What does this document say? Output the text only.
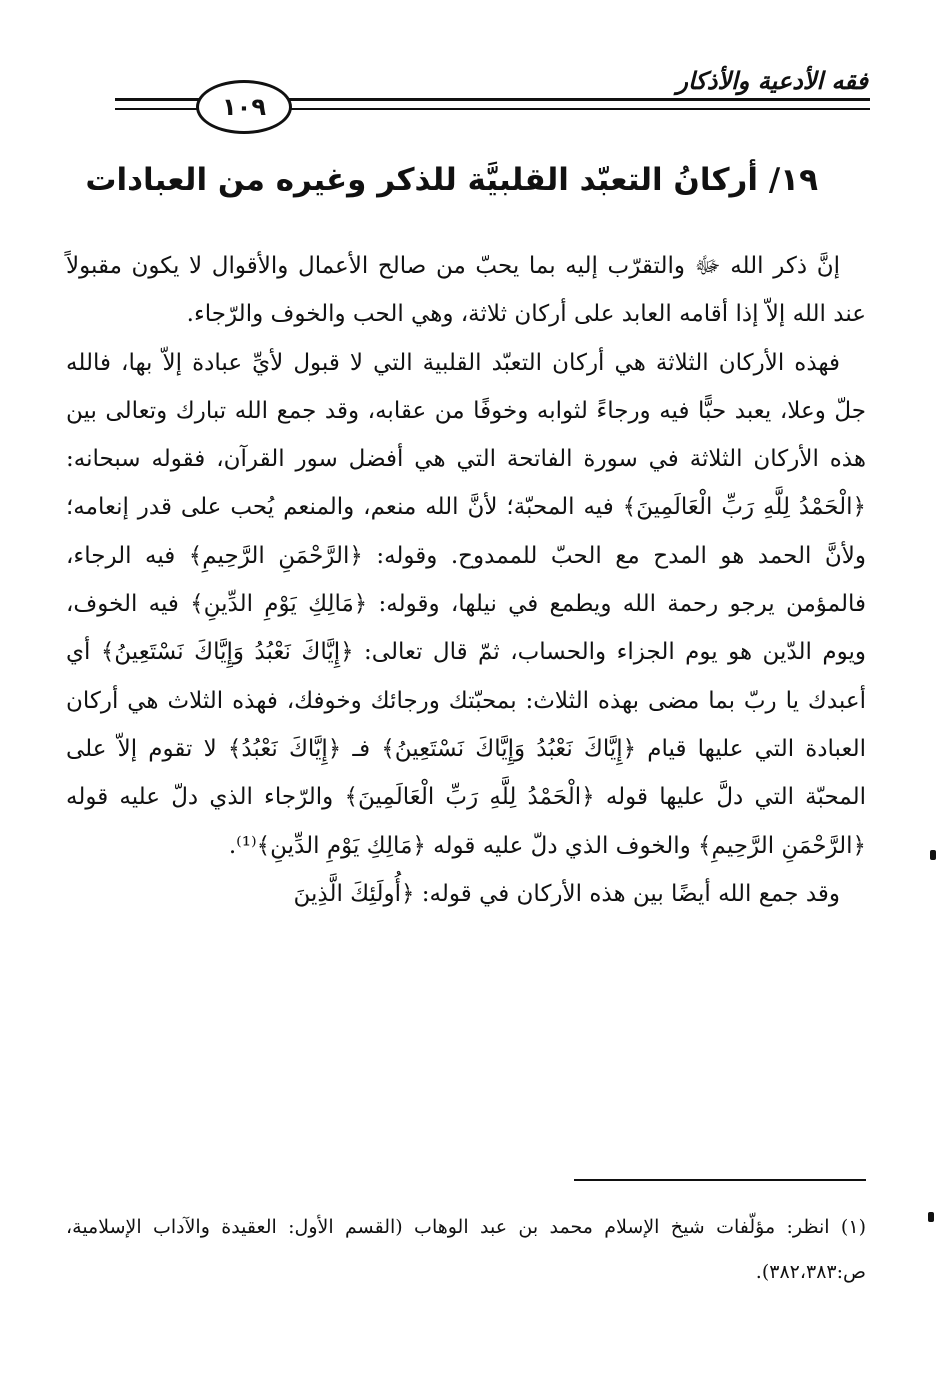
فقه الأدعية والأذكار
١٠٩
١٩/ أركانُ التعبّد القلبيَّة للذكر وغيره من العبادات

إنَّ ذكر الله ﷻ والتقرّب إليه بما يحبّ من صالح الأعمال والأقوال لا يكون مقبولاً عند الله إلاّ إذا أقامه العابد على أركان ثلاثة، وهي الحب والخوف والرّجاء.

فهذه الأركان الثلاثة هي أركان التعبّد القلبية التي لا قبول لأيِّ عبادة إلاّ بها، فالله جلّ وعلا، يعبد حبًّا فيه ورجاءً لثوابه وخوفًا من عقابه، وقد جمع الله تبارك وتعالى بين هذه الأركان الثلاثة في سورة الفاتحة التي هي أفضل سور القرآن، فقوله سبحانه: ﴿الْحَمْدُ لِلَّهِ رَبِّ الْعَالَمِينَ﴾ فيه المحبّة؛ لأنَّ الله منعم، والمنعم يُحب على قدر إنعامه؛ ولأنَّ الحمد هو المدح مع الحبّ للممدوح. وقوله: ﴿الرَّحْمَنِ الرَّحِيمِ﴾ فيه الرجاء، فالمؤمن يرجو رحمة الله ويطمع في نيلها، وقوله: ﴿مَالِكِ يَوْمِ الدِّينِ﴾ فيه الخوف، ويوم الدّين هو يوم الجزاء والحساب، ثمّ قال تعالى: ﴿إِيَّاكَ نَعْبُدُ وَإِيَّاكَ نَسْتَعِينُ﴾ أي أعبدك يا ربّ بما مضى بهذه الثلاث: بمحبّتك ورجائك وخوفك، فهذه الثلاث هي أركان العبادة التي عليها قيام ﴿إِيَّاكَ نَعْبُدُ وَإِيَّاكَ نَسْتَعِينُ﴾ فـ ﴿إِيَّاكَ نَعْبُدُ﴾ لا تقوم إلاّ على المحبّة التي دلَّ عليها قوله ﴿الْحَمْدُ لِلَّهِ رَبِّ الْعَالَمِينَ﴾ والرّجاء الذي دلّ عليه قوله ﴿الرَّحْمَنِ الرَّحِيمِ﴾ والخوف الذي دلّ عليه قوله ﴿مَالِكِ يَوْمِ الدِّينِ﴾⁽¹⁾.

وقد جمع الله أيضًا بين هذه الأركان في قوله: ﴿أُولَئِكَ الَّذِينَ

(١) انظر: مؤلّفات شيخ الإسلام محمد بن عبد الوهاب (القسم الأول: العقيدة والآداب الإسلامية، ص:٣٨٢،٣٨٣).
